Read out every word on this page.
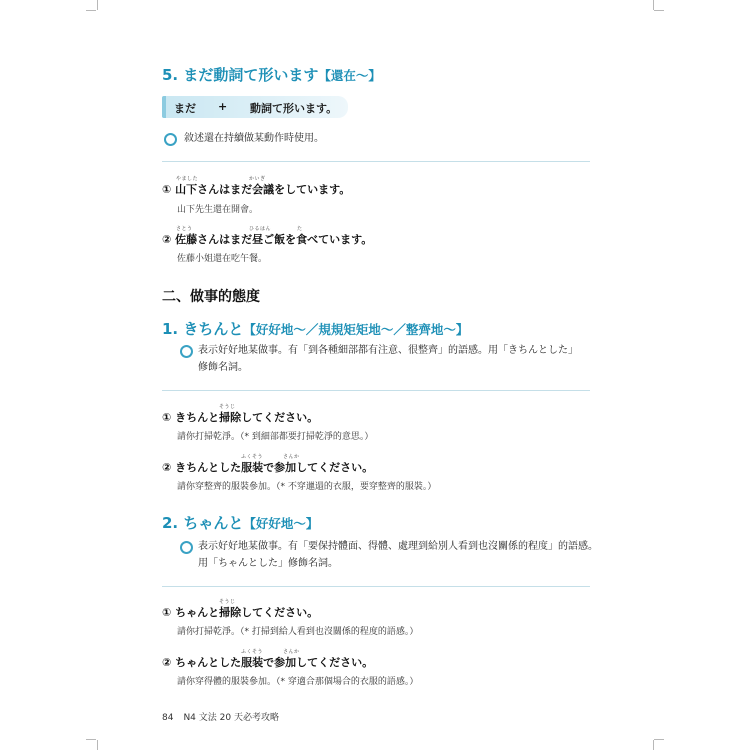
5. まだ動詞て形います【還在～】
まだ + 動詞て形います。
敘述還在持續做某動作時使用。
やました	かいぎ
① 山下さんはまだ会議をしています。
山下先生還在開會。
さとう	ひるはん	た
② 佐藤さんはまだ昼ご飯を食べています。
佐藤小姐還在吃午餐。
二、做事的態度
1. きちんと【好好地～／規規矩矩地～／整齊地～】
表示好好地某做事。有「到各種細部都有注意、很整齊」的語感。用「きちんとした」
修飾名詞。
そうじ
① きちんと掃除してください。
請你打掃乾淨。（* 到細部都要打掃乾淨的意思。）
ふくそう	さんか
② きちんとした服装で参加してください。
請你穿整齊的服裝參加。（* 不穿邋遢的衣服，要穿整齊的服裝。）
2. ちゃんと【好好地～】
表示好好地某做事。有「要保持體面、得體、處理到給別人看到也沒關係的程度」的語感。
用「ちゃんとした」修飾名詞。
そうじ
① ちゃんと掃除してください。
請你打掃乾淨。（* 打掃到給人看到也沒關係的程度的語感。）
ふくそう	さんか
② ちゃんとした服装で参加してください。
請你穿得體的服裝參加。（* 穿適合那個場合的衣服的語感。）
84 N4 文法 20 天必考攻略
